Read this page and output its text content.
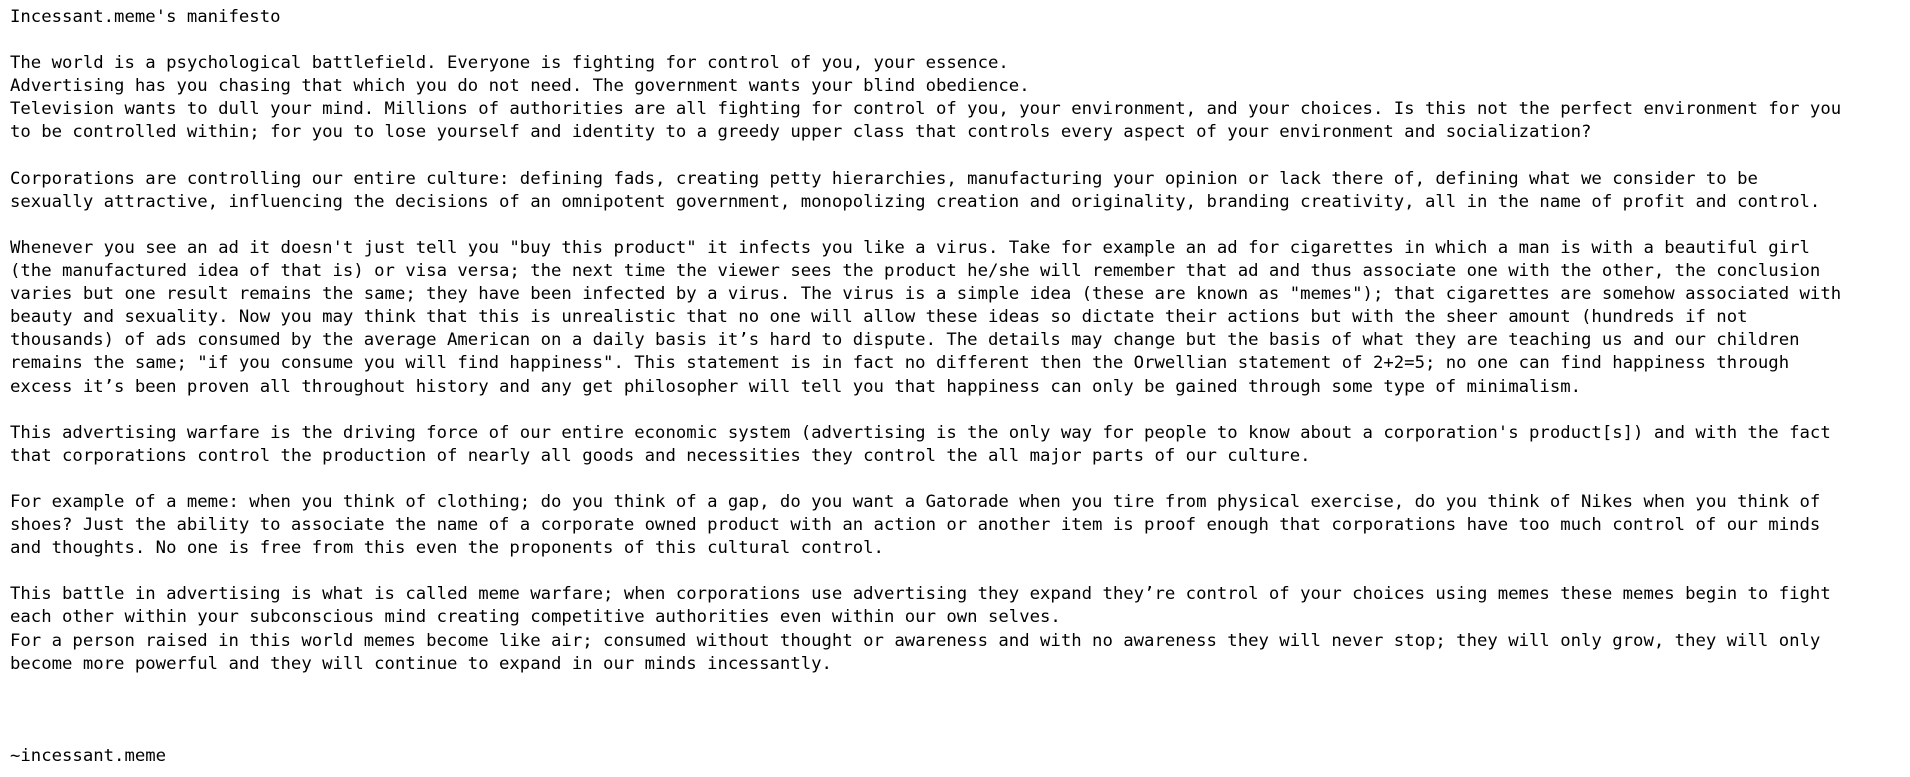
Incessant.meme's manifesto
The world is a psychological battlefield. Everyone is fighting for control of you, your essence.
Advertising has you chasing that which you do not need. The government wants your blind obedience.
Television wants to dull your mind. Millions of authorities are all fighting for control of you, your environment, and your choices. Is this not the perfect environment for you
to be controlled within; for you to lose yourself and identity to a greedy upper class that controls every aspect of your environment and socialization?
Corporations are controlling our entire culture: defining fads, creating petty hierarchies, manufacturing your opinion or lack there of, defining what we consider to be
sexually attractive, influencing the decisions of an omnipotent government, monopolizing creation and originality, branding creativity, all in the name of profit and control.
Whenever you see an ad it doesn't just tell you "buy this product" it infects you like a virus. Take for example an ad for cigarettes in which a man is with a beautiful girl
(the manufactured idea of that is) or visa versa; the next time the viewer sees the product he/she will remember that ad and thus associate one with the other, the conclusion
varies but one result remains the same; they have been infected by a virus. The virus is a simple idea (these are known as "memes"); that cigarettes are somehow associated with
beauty and sexuality. Now you may think that this is unrealistic that no one will allow these ideas so dictate their actions but with the sheer amount (hundreds if not
thousands) of ads consumed by the average American on a daily basis it’s hard to dispute. The details may change but the basis of what they are teaching us and our children
remains the same; "if you consume you will find happiness". This statement is in fact no different then the Orwellian statement of 2+2=5; no one can find happiness through
excess it’s been proven all throughout history and any get philosopher will tell you that happiness can only be gained through some type of minimalism.
This advertising warfare is the driving force of our entire economic system (advertising is the only way for people to know about a corporation's product[s]) and with the fact
that corporations control the production of nearly all goods and necessities they control the all major parts of our culture.
For example of a meme: when you think of clothing; do you think of a gap, do you want a Gatorade when you tire from physical exercise, do you think of Nikes when you think of
shoes? Just the ability to associate the name of a corporate owned product with an action or another item is proof enough that corporations have too much control of our minds
and thoughts. No one is free from this even the proponents of this cultural control.
This battle in advertising is what is called meme warfare; when corporations use advertising they expand they’re control of your choices using memes these memes begin to fight
each other within your subconscious mind creating competitive authorities even within our own selves.
For a person raised in this world memes become like air; consumed without thought or awareness and with no awareness they will never stop; they will only grow, they will only
become more powerful and they will continue to expand in our minds incessantly.
~incessant.meme
